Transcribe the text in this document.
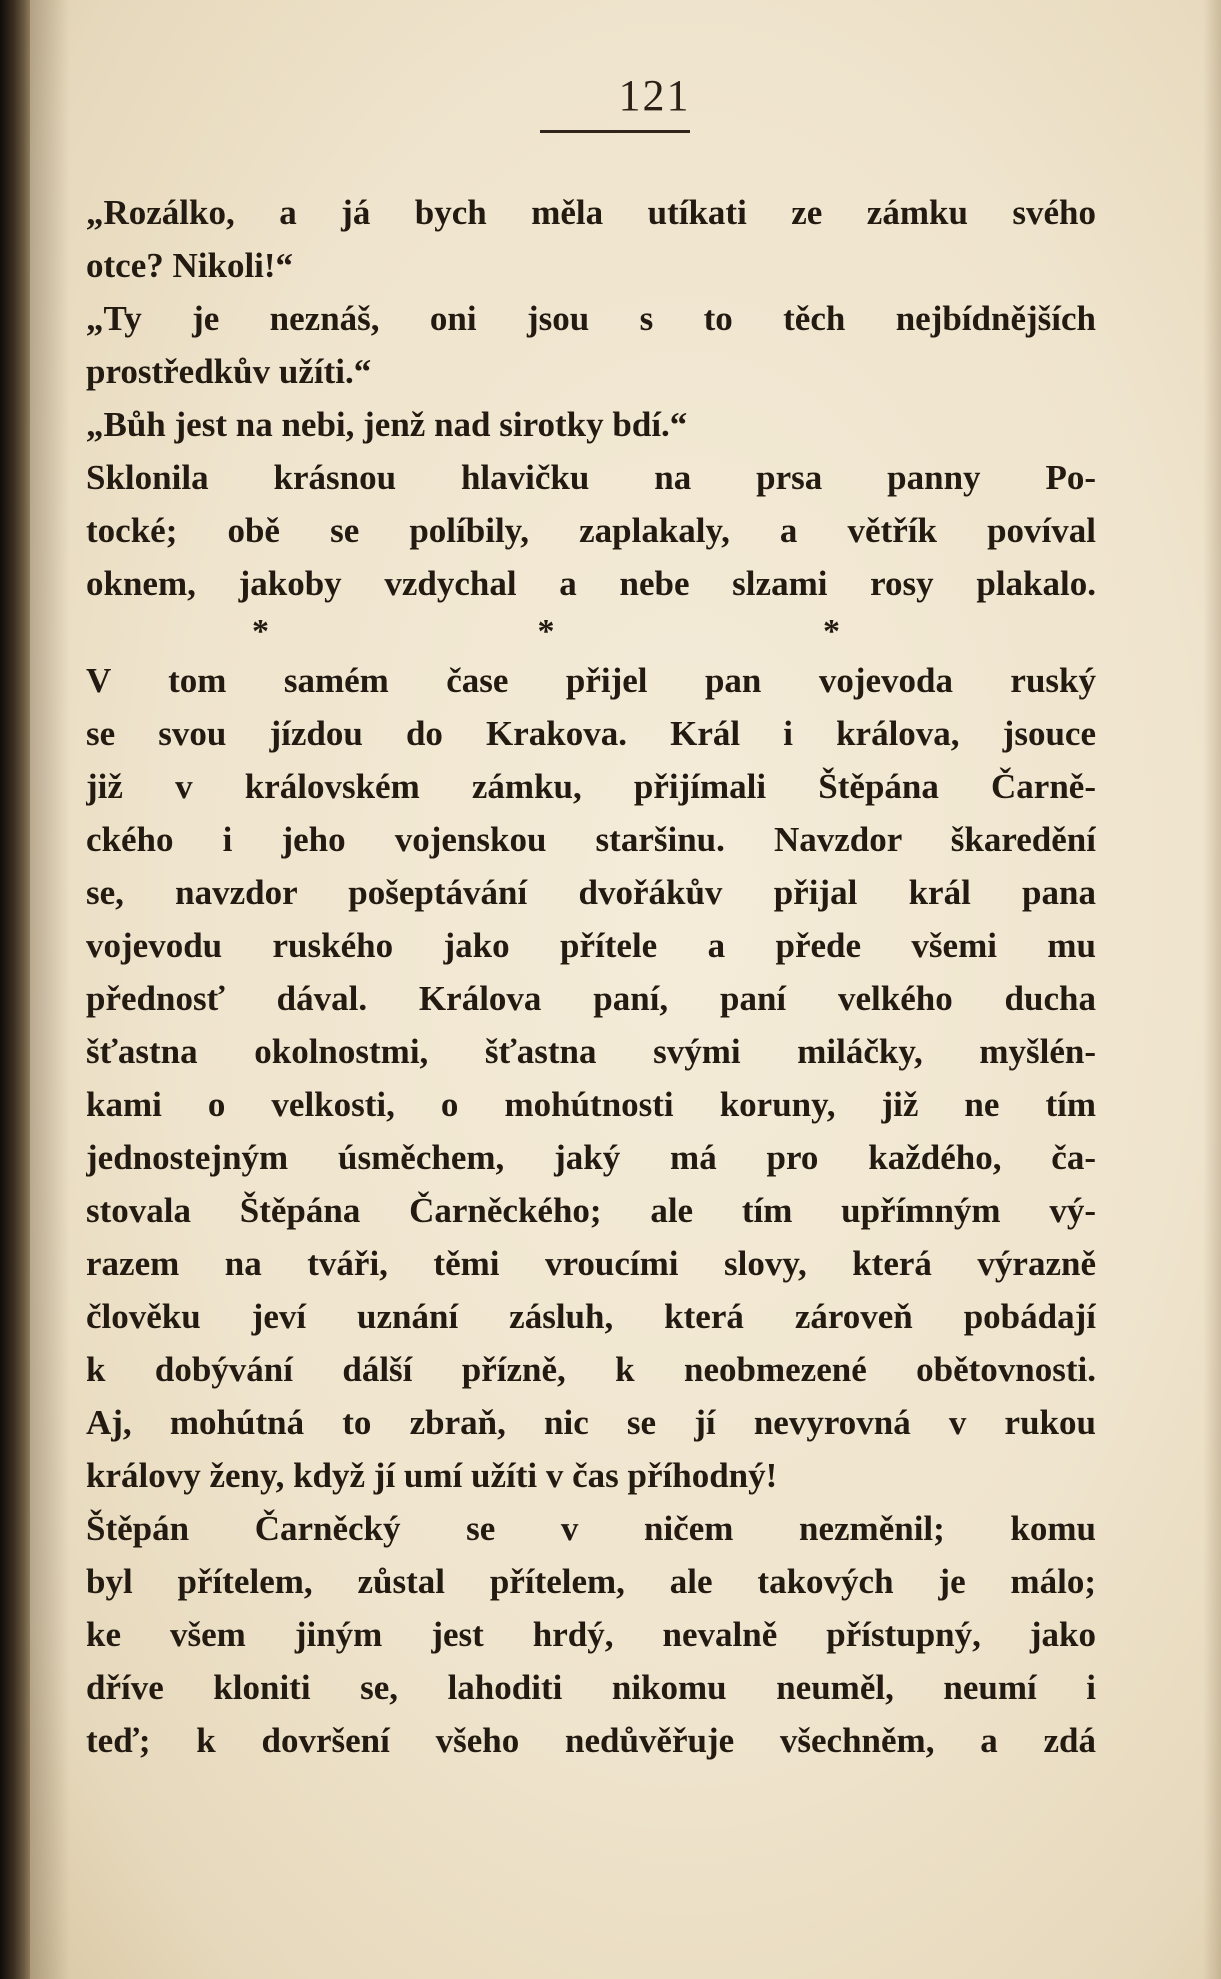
121
„Rozálko, a já bych měla utíkati ze zámku svého
otce? Nikoli!“
„Ty je neznáš, oni jsou s to těch nejbídnějších
prostředkův užíti.“
„Bůh jest na nebi, jenž nad sirotky bdí.“
Sklonila krásnou hlavičku na prsa panny Po-
tocké; obě se políbily, zaplakaly, a větřík povíval
oknem, jakoby vzdychal a nebe slzami rosy plakalo.
* * *
V tom samém čase přijel pan vojevoda ruský
se svou jízdou do Krakova. Král i králova, jsouce
již v královském zámku, přijímali Štěpána Čarně-
ckého i jeho vojenskou staršinu. Navzdor škaredění
se, navzdor pošeptávání dvořákův přijal král pana
vojevodu ruského jako přítele a přede všemi mu
přednosť dával. Králova paní, paní velkého ducha
šťastna okolnostmi, šťastna svými miláčky, myšlén-
kami o velkosti, o mohútnosti koruny, již ne tím
jednostejným úsměchem, jaký má pro každého, ča-
stovala Štěpána Čarněckého; ale tím upřímným vý-
razem na tváři, těmi vroucími slovy, která výrazně
člověku jeví uznání zásluh, která zároveň pobádají
k dobývání dálší přízně, k neobmezené obětovnosti.
Aj, mohútná to zbraň, nic se jí nevyrovná v rukou
královy ženy, když jí umí užíti v čas příhodný!
Štěpán Čarněcký se v ničem nezměnil; komu
byl přítelem, zůstal přítelem, ale takových je málo;
ke všem jiným jest hrdý, nevalně přístupný, jako
dříve kloniti se, lahoditi nikomu neuměl, neumí i
teď; k dovršení všeho nedůvěřuje všechněm, a zdá
